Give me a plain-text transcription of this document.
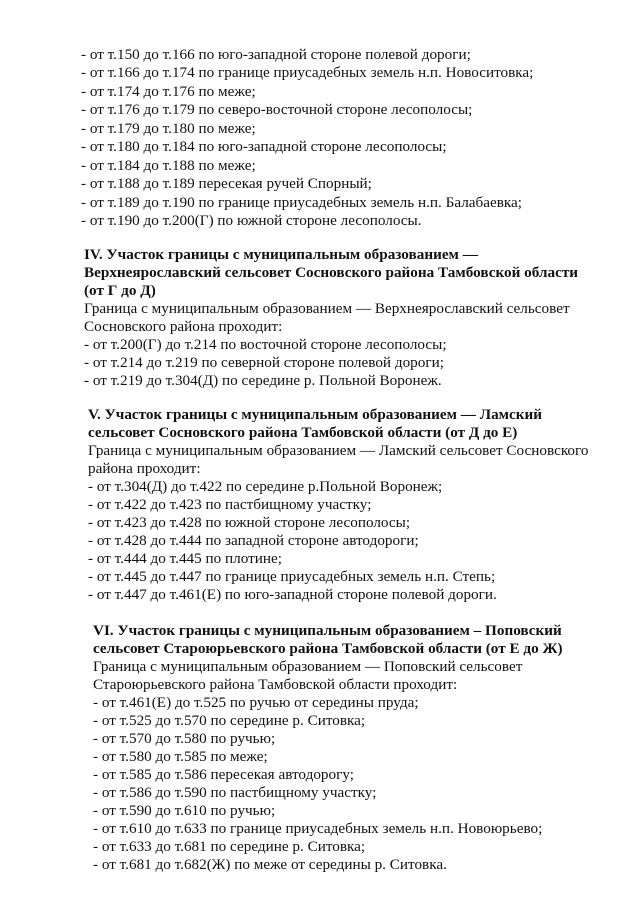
- от т.150 до т.166 по юго-западной стороне полевой дороги;
- от т.166 до т.174 по границе приусадебных земель н.п. Новоситовка;
- от т.174 до т.176 по меже;
- от т.176 до т.179 по северо-восточной стороне лесополосы;
- от т.179 до т.180 по меже;
- от т.180 до т.184 по юго-западной стороне лесополосы;
- от т.184 до т.188 по меже;
- от т.188 до т.189 пересекая ручей Спорный;
- от т.189 до т.190 по границе приусадебных земель н.п. Балабаевка;
- от т.190 до т.200(Г) по южной стороне лесополосы.
IV. Участок границы с муниципальным образованием —
Верхнеярославский сельсовет Сосновского района Тамбовской области
(от Г до Д)
Граница с муниципальным образованием — Верхнеярославский сельсовет
Сосновского района проходит:
- от т.200(Г) до т.214 по восточной стороне лесополосы;
- от т.214 до т.219 по северной стороне полевой дороги;
- от т.219 до т.304(Д) по середине р. Польной Воронеж.
V. Участок границы с муниципальным образованием — Ламский
сельсовет Сосновского района Тамбовской области (от Д до Е)
Граница с муниципальным образованием — Ламский сельсовет Сосновского
района проходит:
- от т.304(Д) до т.422 по середине р.Польной Воронеж;
- от т.422 до т.423 по пастбищному участку;
- от т.423 до т.428 по южной стороне лесополосы;
- от т.428 до т.444 по западной стороне автодороги;
- от т.444 до т.445 по плотине;
- от т.445 до т.447 по границе приусадебных земель н.п. Степь;
- от т.447 до т.461(Е) по юго-западной стороне полевой дороги.
VI. Участок границы с муниципальным образованием – Поповский
сельсовет Староюрьевского района Тамбовской области (от Е до Ж)
Граница с муниципальным образованием — Поповский сельсовет
Староюрьевского района Тамбовской области проходит:
- от т.461(Е) до т.525 по ручью от середины пруда;
- от т.525 до т.570 по середине р. Ситовка;
- от т.570 до т.580 по ручью;
- от т.580 до т.585 по меже;
- от т.585 до т.586 пересекая автодорогу;
- от т.586 до т.590 по пастбищному участку;
- от т.590 до т.610 по ручью;
- от т.610 до т.633 по границе приусадебных земель н.п. Новоюрьево;
- от т.633 до т.681 по середине р. Ситовка;
- от т.681 до т.682(Ж) по меже от середины р. Ситовка.
